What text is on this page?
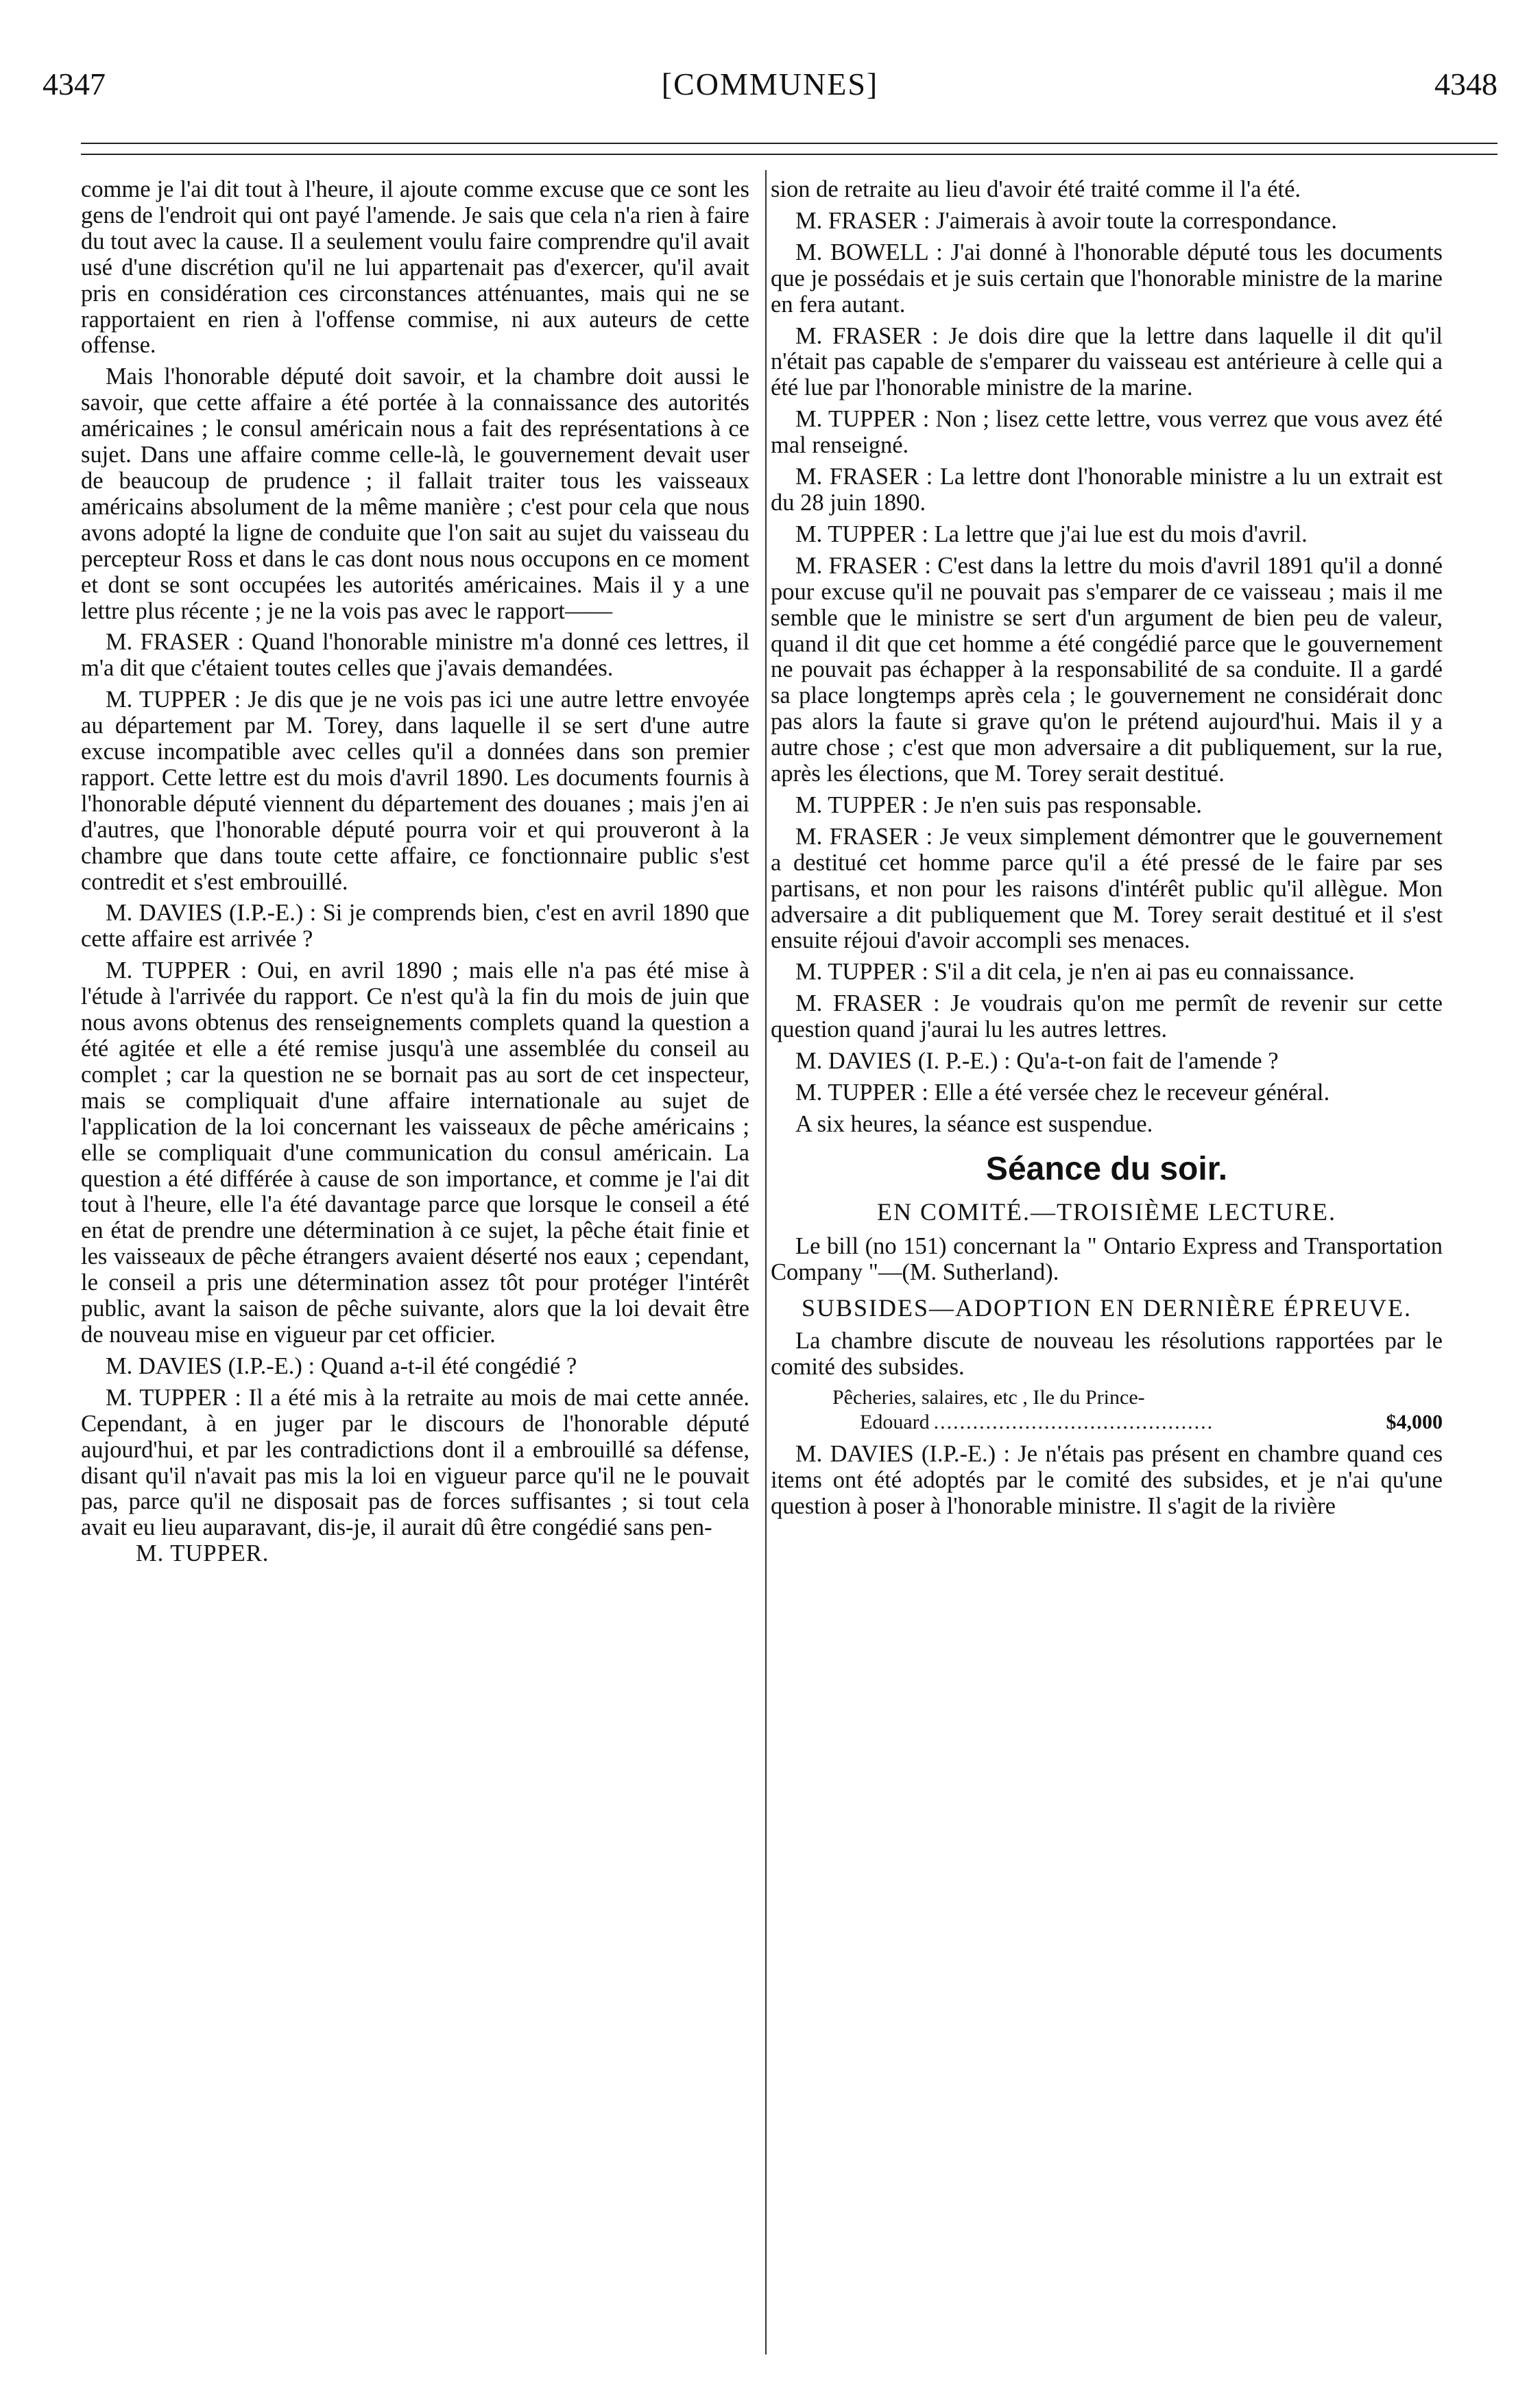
4347	[COMMUNES]	4348

comme je l'ai dit tout à l'heure, il ajoute comme excuse que ce sont les gens de l'endroit qui ont payé l'amende. Je sais que cela n'a rien à faire du tout avec la cause. Il a seulement voulu faire comprendre qu'il avait usé d'une discrétion qu'il ne lui appartenait pas d'exercer, qu'il avait pris en considération ces circonstances atténuantes, mais qui ne se rapportaient en rien à l'offense commise, ni aux auteurs de cette offense.

Mais l'honorable député doit savoir, et la chambre doit aussi le savoir, que cette affaire a été portée à la connaissance des autorités américaines ; le consul américain nous a fait des représentations à ce sujet. Dans une affaire comme celle-là, le gouvernement devait user de beaucoup de prudence ; il fallait traiter tous les vaisseaux américains absolument de la même manière ; c'est pour cela que nous avons adopté la ligne de conduite que l'on sait au sujet du vaisseau du percepteur Ross et dans le cas dont nous nous occupons en ce moment et dont se sont occupées les autorités américaines. Mais il y a une lettre plus récente ; je ne la vois pas avec le rapport——

M. FRASER : Quand l'honorable ministre m'a donné ces lettres, il m'a dit que c'étaient toutes celles que j'avais demandées.

M. TUPPER : Je dis que je ne vois pas ici une autre lettre envoyée au département par M. Torey, dans laquelle il se sert d'une autre excuse incompatible avec celles qu'il a données dans son premier rapport. Cette lettre est du mois d'avril 1890. Les documents fournis à l'honorable député viennent du département des douanes ; mais j'en ai d'autres, que l'honorable député pourra voir et qui prouveront à la chambre que dans toute cette affaire, ce fonctionnaire public s'est contredit et s'est embrouillé.

M. DAVIES (I.P.-E.) : Si je comprends bien, c'est en avril 1890 que cette affaire est arrivée ?

M. TUPPER : Oui, en avril 1890 ; mais elle n'a pas été mise à l'étude à l'arrivée du rapport. Ce n'est qu'à la fin du mois de juin que nous avons obtenus des renseignements complets quand la question a été agitée et elle a été remise jusqu'à une assemblée du conseil au complet ; car la question ne se bornait pas au sort de cet inspecteur, mais se compliquait d'une affaire internationale au sujet de l'application de la loi concernant les vaisseaux de pêche américains ; elle se compliquait d'une communication du consul américain. La question a été différée à cause de son importance, et comme je l'ai dit tout à l'heure, elle l'a été davantage parce que lorsque le conseil a été en état de prendre une détermination à ce sujet, la pêche était finie et les vaisseaux de pêche étrangers avaient déserté nos eaux ; cependant, le conseil a pris une détermination assez tôt pour protéger l'intérêt public, avant la saison de pêche suivante, alors que la loi devait être de nouveau mise en vigueur par cet officier.

M. DAVIES (I.P.-E.) : Quand a-t-il été congédié ?

M. TUPPER : Il a été mis à la retraite au mois de mai cette année. Cependant, à en juger par le discours de l'honorable député aujourd'hui, et par les contradictions dont il a embrouillé sa défense, disant qu'il n'avait pas mis la loi en vigueur parce qu'il ne le pouvait pas, parce qu'il ne disposait pas de forces suffisantes ; si tout cela avait eu lieu auparavant, dis-je, il aurait dû être congédié sans pen-

M. TUPPER.

sion de retraite au lieu d'avoir été traité comme il l'a été.

M. FRASER : J'aimerais à avoir toute la correspondance.

M. BOWELL : J'ai donné à l'honorable député tous les documents que je possédais et je suis certain que l'honorable ministre de la marine en fera autant.

M. FRASER : Je dois dire que la lettre dans laquelle il dit qu'il n'était pas capable de s'emparer du vaisseau est antérieure à celle qui a été lue par l'honorable ministre de la marine.

M. TUPPER : Non ; lisez cette lettre, vous verrez que vous avez été mal renseigné.

M. FRASER : La lettre dont l'honorable ministre a lu un extrait est du 28 juin 1890.

M. TUPPER : La lettre que j'ai lue est du mois d'avril.

M. FRASER : C'est dans la lettre du mois d'avril 1891 qu'il a donné pour excuse qu'il ne pouvait pas s'emparer de ce vaisseau ; mais il me semble que le ministre se sert d'un argument de bien peu de valeur, quand il dit que cet homme a été congédié parce que le gouvernement ne pouvait pas échapper à la responsabilité de sa conduite. Il a gardé sa place longtemps après cela ; le gouvernement ne considérait donc pas alors la faute si grave qu'on le prétend aujourd'hui. Mais il y a autre chose ; c'est que mon adversaire a dit publiquement, sur la rue, après les élections, que M. Torey serait destitué.

M. TUPPER : Je n'en suis pas responsable.

M. FRASER : Je veux simplement démontrer que le gouvernement a destitué cet homme parce qu'il a été pressé de le faire par ses partisans, et non pour les raisons d'intérêt public qu'il allègue. Mon adversaire a dit publiquement que M. Torey serait destitué et il s'est ensuite réjoui d'avoir accompli ses menaces.

M. TUPPER : S'il a dit cela, je n'en ai pas eu connaissance.

M. FRASER : Je voudrais qu'on me permît de revenir sur cette question quand j'aurai lu les autres lettres.

M. DAVIES (I. P.-E.) : Qu'a-t-on fait de l'amende ?

M. TUPPER : Elle a été versée chez le receveur général.

A six heures, la séance est suspendue.

Séance du soir.
EN COMITÉ.—TROISIÈME LECTURE.

Le bill (no 151) concernant la " Ontario Express and Transportation Company "—(M. Sutherland).

SUBSIDES—ADOPTION EN DERNIÈRE ÉPREUVE.

La chambre discute de nouveau les résolutions rapportées par le comité des subsides.

Pêcheries, salaires, etc , Ile du Prince-
Edouard ...........................................	$4,000

M. DAVIES (I.P.-E.) : Je n'étais pas présent en chambre quand ces items ont été adoptés par le comité des subsides, et je n'ai qu'une question à poser à l'honorable ministre. Il s'agit de la rivière
